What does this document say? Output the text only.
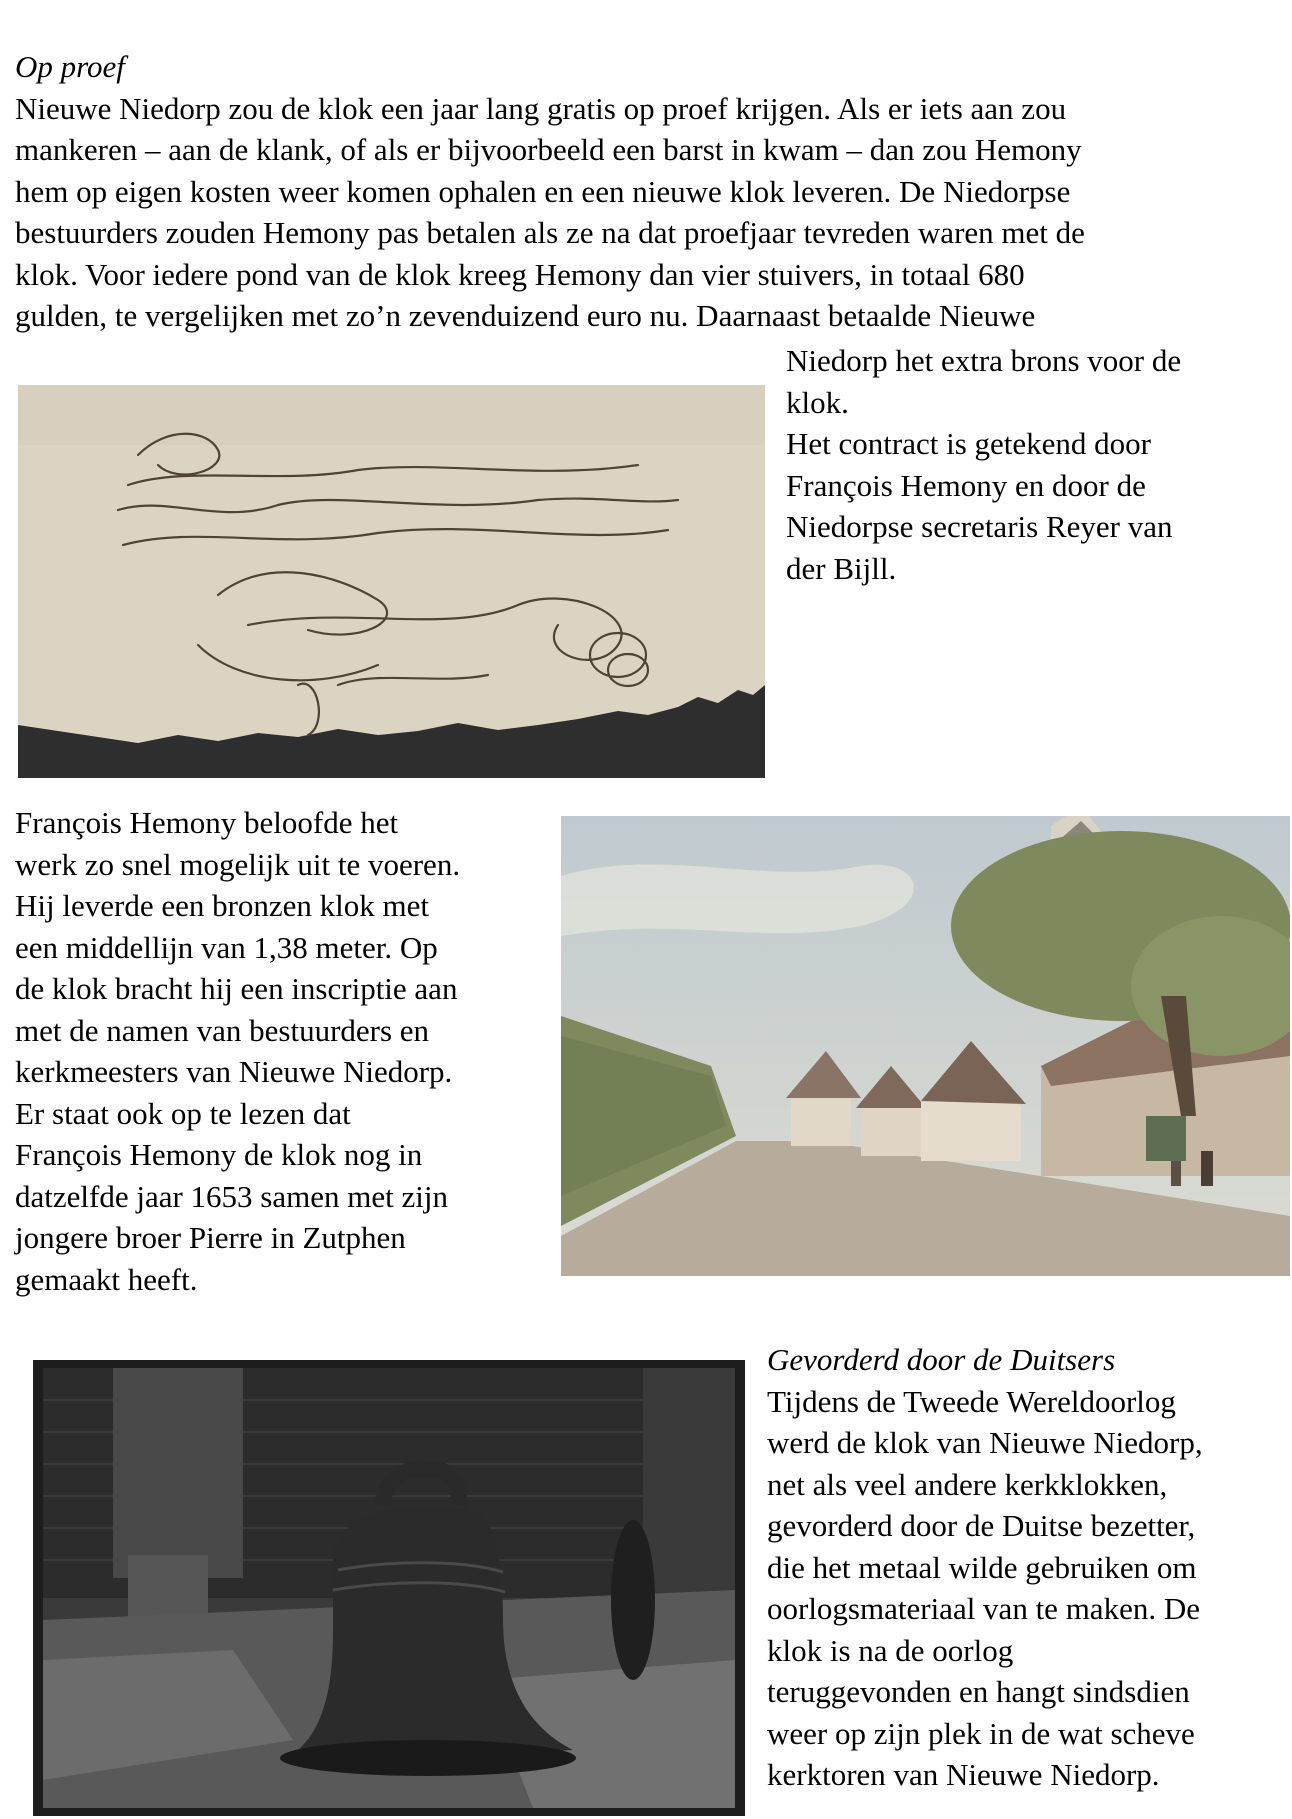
Op proef

Nieuwe Niedorp zou de klok een jaar lang gratis op proef krijgen. Als er iets aan zou

mankeren – aan de klank, of als er bijvoorbeeld een barst in kwam – dan zou Hemony

hem op eigen kosten weer komen ophalen en een nieuwe klok leveren. De Niedorpse

bestuurders zouden Hemony pas betalen als ze na dat proefjaar tevreden waren met de

klok. Voor iedere pond van de klok kreeg Hemony dan vier stuivers, in totaal 680

gulden, te vergelijken met zo’n zevenduizend euro nu. Daarnaast betaalde Nieuwe

Niedorp het extra brons voor de

klok.

Het contract is getekend door

François Hemony en door de

Niedorpse secretaris Reyer van

der Bijll.

François Hemony beloofde het

werk zo snel mogelijk uit te voeren.

Hij leverde een bronzen klok met

een middellijn van 1,38 meter. Op

de klok bracht hij een inscriptie aan

met de namen van bestuurders en

kerkmeesters van Nieuwe Niedorp.

Er staat ook op te lezen dat

François Hemony de klok nog in

datzelfde jaar 1653 samen met zijn

jongere broer Pierre in Zutphen

gemaakt heeft.

Gevorderd door de Duitsers

Tijdens de Tweede Wereldoorlog

werd de klok van Nieuwe Niedorp,

net als veel andere kerkklokken,

gevorderd door de Duitse bezetter,

die het metaal wilde gebruiken om

oorlogsmateriaal van te maken. De

klok is na de oorlog

teruggevonden en hangt sindsdien

weer op zijn plek in de wat scheve

kerktoren van Nieuwe Niedorp.
